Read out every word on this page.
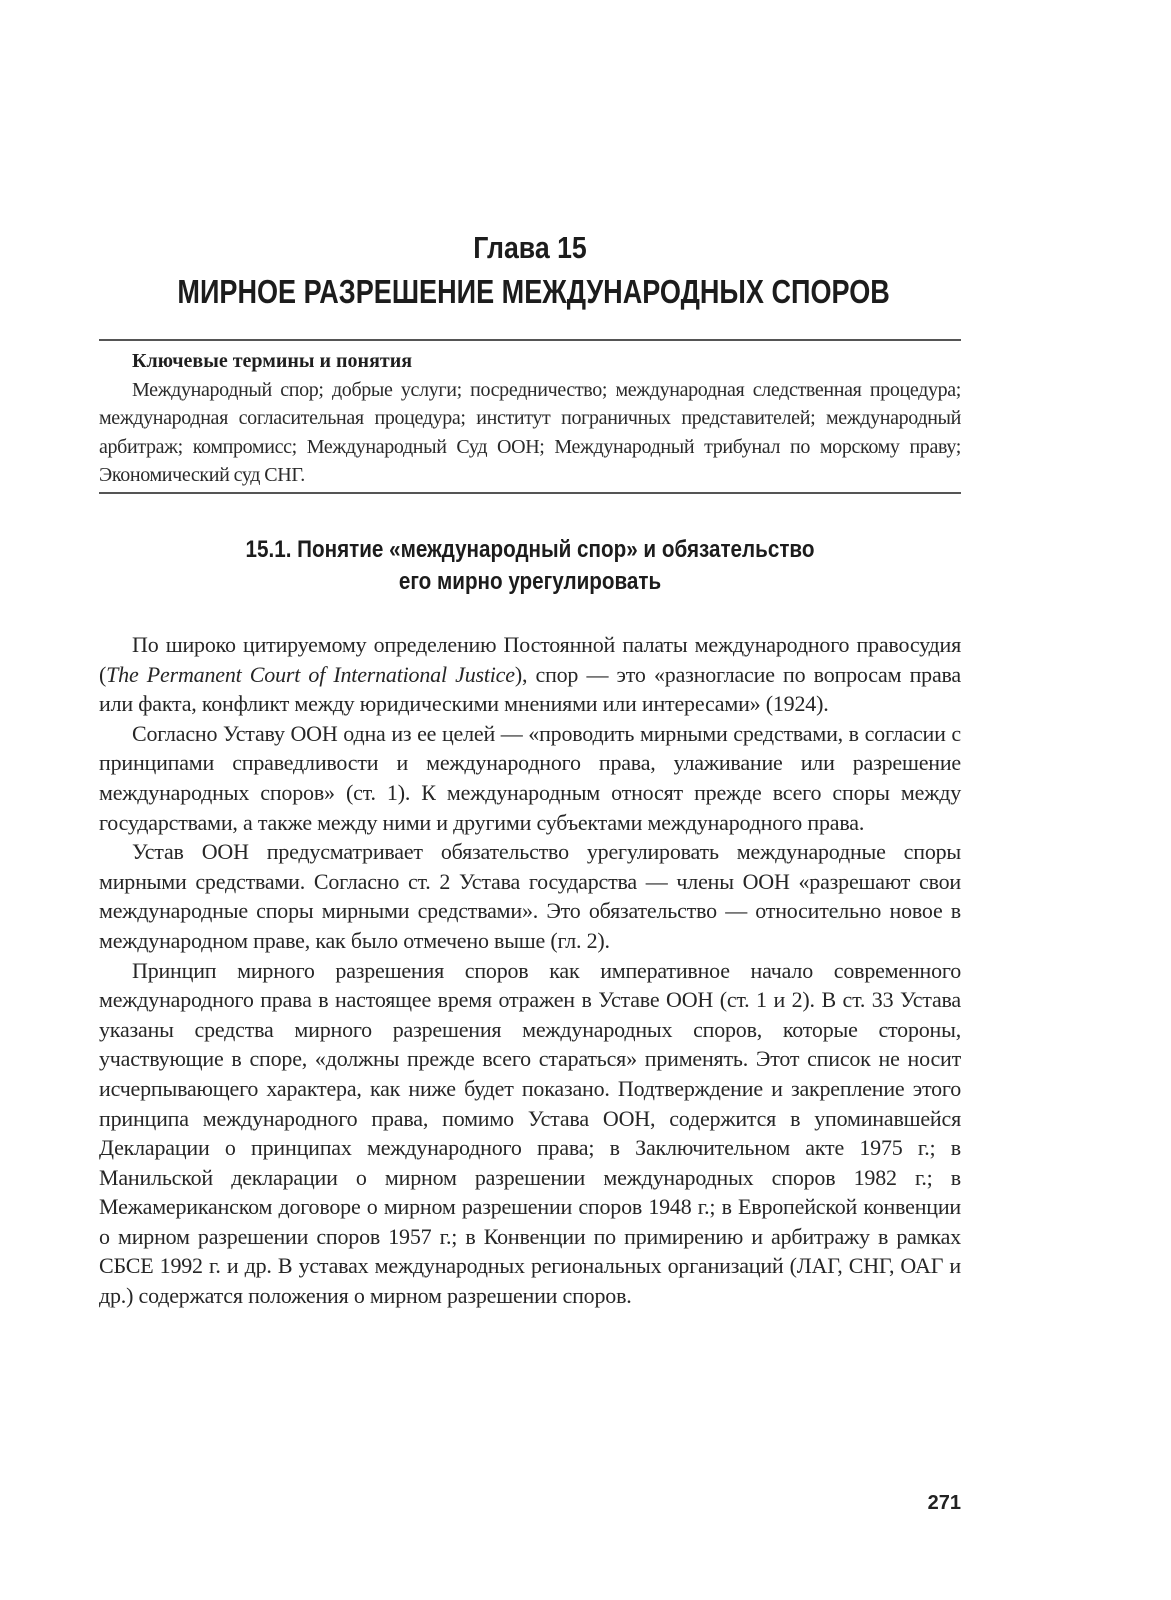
Глава 15
МИРНОЕ РАЗРЕШЕНИЕ МЕЖДУНАРОДНЫХ СПОРОВ
Ключевые термины и понятия
Международный спор; добрые услуги; посредничество; международная следственная процедура; международная согласительная процедура; институт пограничных представителей; международный арбитраж; компромисс; Международный Суд ООН; Международный трибунал по морскому праву; Экономический суд СНГ.
15.1. Понятие «международный спор» и обязательство
его мирно урегулировать

По широко цитируемому определению Постоянной палаты международного правосудия (The Permanent Court of International Justice), спор — это «разногласие по вопросам права или факта, конфликт между юридическими мнениями или интересами» (1924).

Согласно Уставу ООН одна из ее целей — «проводить мирными средствами, в согласии с принципами справедливости и международного права, улаживание или разрешение международных споров» (ст. 1). К международным относят прежде всего споры между государствами, а также между ними и другими субъектами международного права.

Устав ООН предусматривает обязательство урегулировать международные споры мирными средствами. Согласно ст. 2 Устава государства — члены ООН «разрешают свои международные споры мирными средствами». Это обязательство — относительно новое в международном праве, как было отмечено выше (гл. 2).

Принцип мирного разрешения споров как императивное начало современного международного права в настоящее время отражен в Уставе ООН (ст. 1 и 2). В ст. 33 Устава указаны средства мирного разрешения международных споров, которые стороны, участвующие в споре, «должны прежде всего стараться» применять. Этот список не носит исчерпывающего характера, как ниже будет показано. Подтверждение и закрепление этого принципа международного права, помимо Устава ООН, содержится в упоминавшейся Декларации о принципах международного права; в Заключительном акте 1975 г.; в Манильской декларации о мирном разрешении международных споров 1982 г.; в Межамериканском договоре о мирном разрешении споров 1948 г.; в Европейской конвенции о мирном разрешении споров 1957 г.; в Конвенции по примирению и арбитражу в рамках СБСЕ 1992 г. и др. В уставах международных региональных организаций (ЛАГ, СНГ, ОАГ и др.) содержатся положения о мирном разрешении споров.

271
